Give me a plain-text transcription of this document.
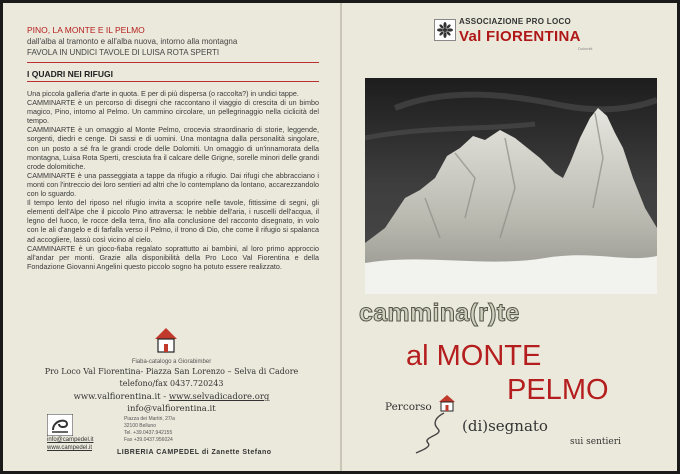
PINO, LA MONTE E IL PELMO
dall'alba al tramonto e all'alba nuova, intorno alla montagna
FAVOLA IN UNDICI TAVOLE DI LUISA ROTA SPERTI
I QUADRI NEI RIFUGI

Una piccola galleria d'arte in quota. E per di più dispersa (o raccolta?) in undici tappe.

CAMMINARTE è un percorso di disegni che raccontano il viaggio di crescita di un bimbo magico, Pino, intorno al Pelmo. Un cammino circolare, un pellegrinaggio nella ciclicità del tempo.

CAMMINARTE è un omaggio al Monte Pelmo, crocevia straordinario di storie, leggende, sorgenti, diedri e cenge. Di sassi e di uomini. Una montagna dalla personalità singolare, con un posto a sé fra le grandi crode delle Dolomiti. Un omaggio di un'innamorata della montagna, Luisa Rota Sperti, cresciuta fra il calcare delle Grigne, sorelle minori delle grandi crode dolomitiche.

CAMMINARTE è una passeggiata a tappe da rifugio a rifugio. Dai rifugi che abbracciano i monti con l'intreccio dei loro sentieri ad altri che lo contemplano da lontano, accarezzandolo con lo sguardo.

Il tempo lento del riposo nel rifugio invita a scoprire nelle tavole, fittissime di segni, gli elementi dell'Alpe che il piccolo Pino attraversa: le nebbie dell'aria, i ruscelli dell'acqua, il legno del fuoco, le rocce della terra, fino alla conclusione del racconto disegnato, in volo con le ali d'angelo e di farfalla verso il Pelmo, il trono di Dio, che come il rifugio si spalanca ad accogliere, lassù così vicino al cielo.

CAMMINARTE è un gioco-fiaba regalato soprattutto ai bambini, al loro primo approccio all'andar per monti. Grazie alla disponibilità della Pro Loco Val Fiorentina e della Fondazione Giovanni Angelini questo piccolo sogno ha potuto essere realizzato.

Fiaba-catalogo a Giorabimber
Pro Loco Val Fiorentina- Piazza San Lorenzo – Selva di Cadore
telefono/fax 0437.720243
www.valfiorentina.it - www.selvadicadore.org
info@valfiorentina.it
info@campedel.it
www.campedel.it
Piazza dei Martiri, 27/a
32100 Belluno
Tel. +39.0437.942155
Fax +39.0437.956024
LIBRERIA CAMPEDEL di Zanette Stefano
ASSOCIAZIONE PRO LOCO
Val FIORENTINA
Dolomiti
cammina(r)te
al MONTE
PELMO
Percorso
(di)segnato
sui sentieri
